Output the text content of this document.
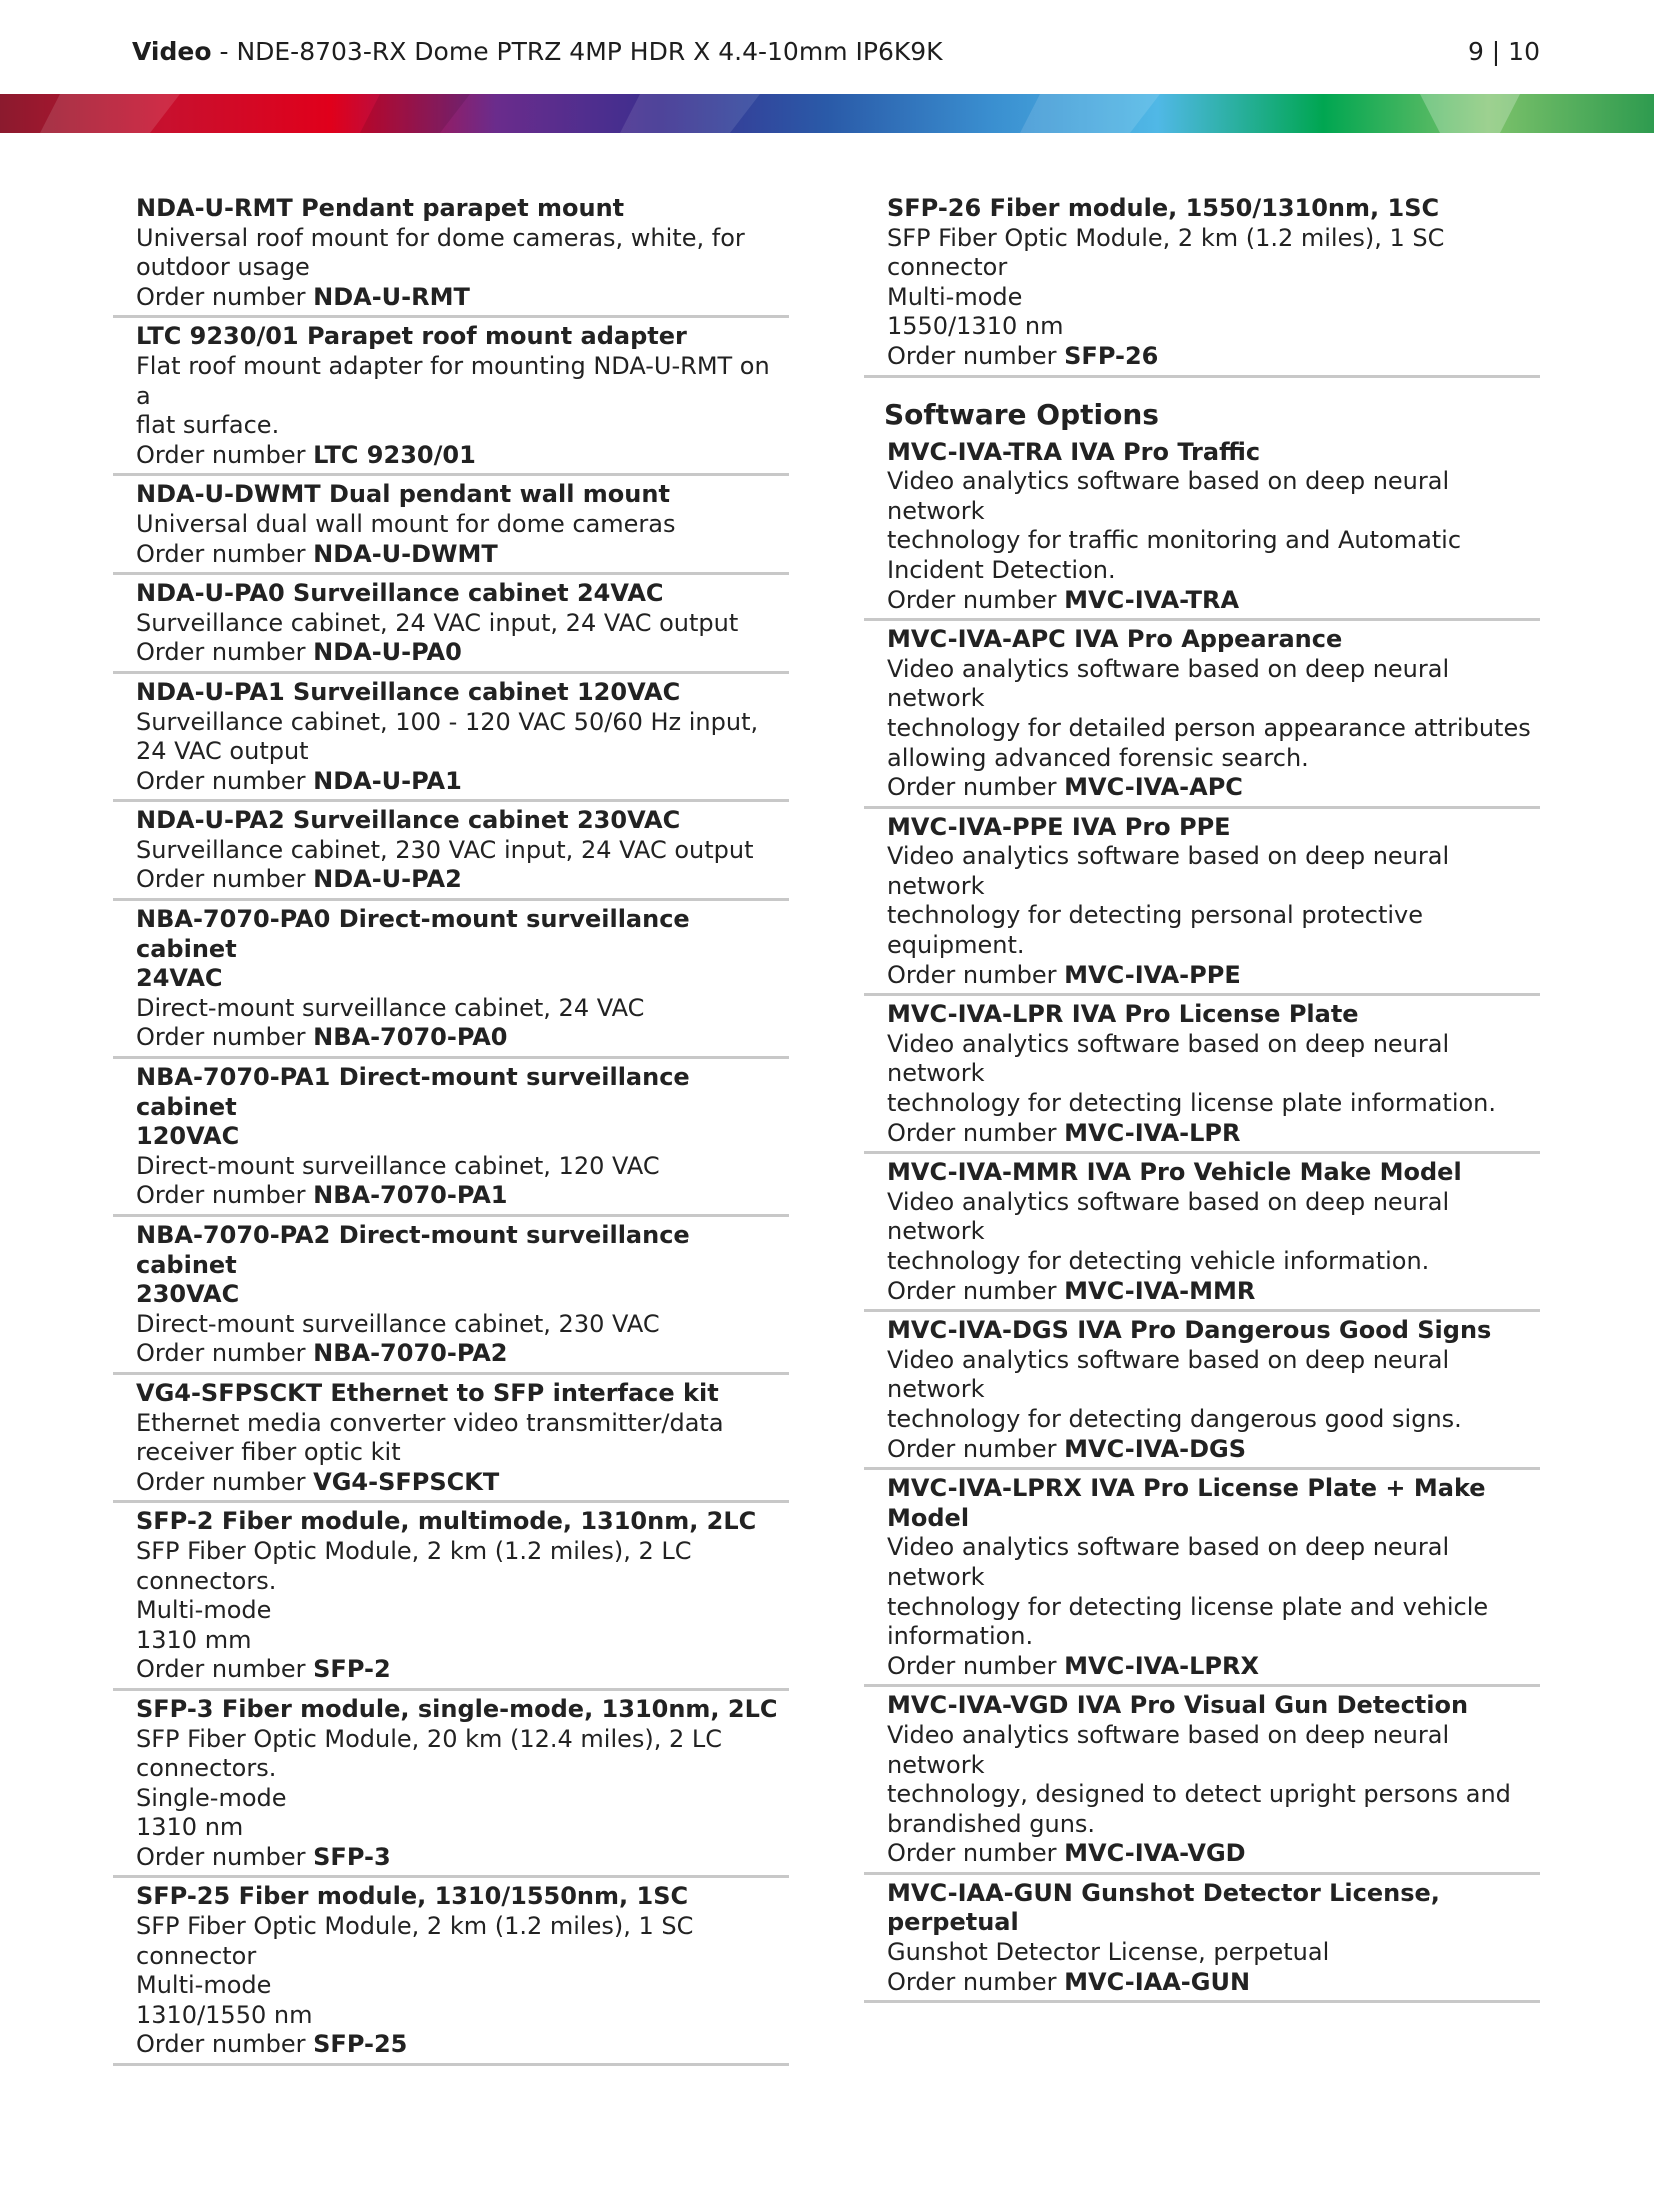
Video - NDE-8703-RX Dome PTRZ 4MP HDR X 4.4-10mm IP6K9K	9 | 10
NDA-U-RMT Pendant parapet mount
Universal roof mount for dome cameras, white, for
outdoor usage
Order number NDA-U-RMT
LTC 9230/01 Parapet roof mount adapter
Flat roof mount adapter for mounting NDA-U-RMT on a
flat surface.
Order number LTC 9230/01
NDA-U-DWMT Dual pendant wall mount
Universal dual wall mount for dome cameras
Order number NDA-U-DWMT
NDA-U-PA0 Surveillance cabinet 24VAC
Surveillance cabinet, 24 VAC input, 24 VAC output
Order number NDA-U-PA0
NDA-U-PA1 Surveillance cabinet 120VAC
Surveillance cabinet, 100 - 120 VAC 50/60 Hz input,
24 VAC output
Order number NDA-U-PA1
NDA-U-PA2 Surveillance cabinet 230VAC
Surveillance cabinet, 230 VAC input, 24 VAC output
Order number NDA-U-PA2
NBA-7070-PA0 Direct-mount surveillance cabinet
24VAC
Direct-mount surveillance cabinet, 24 VAC
Order number NBA-7070-PA0
NBA-7070-PA1 Direct-mount surveillance cabinet
120VAC
Direct-mount surveillance cabinet, 120 VAC
Order number NBA-7070-PA1
NBA-7070-PA2 Direct-mount surveillance cabinet
230VAC
Direct-mount surveillance cabinet, 230 VAC
Order number NBA-7070-PA2
VG4-SFPSCKT Ethernet to SFP interface kit
Ethernet media converter video transmitter/data
receiver fiber optic kit
Order number VG4-SFPSCKT
SFP-2 Fiber module, multimode, 1310nm, 2LC
SFP Fiber Optic Module, 2 km (1.2 miles), 2 LC
connectors.
Multi-mode
1310 mm
Order number SFP-2
SFP-3 Fiber module, single-mode, 1310nm, 2LC
SFP Fiber Optic Module, 20 km (12.4 miles), 2 LC
connectors.
Single-mode
1310 nm
Order number SFP-3
SFP-25 Fiber module, 1310/1550nm, 1SC
SFP Fiber Optic Module, 2 km (1.2 miles), 1 SC
connector
Multi-mode
1310/1550 nm
Order number SFP-25
SFP-26 Fiber module, 1550/1310nm, 1SC
SFP Fiber Optic Module, 2 km (1.2 miles), 1 SC
connector
Multi-mode
1550/1310 nm
Order number SFP-26
Software Options
MVC-IVA-TRA IVA Pro Traffic
Video analytics software based on deep neural network
technology for traffic monitoring and Automatic
Incident Detection.
Order number MVC-IVA-TRA
MVC-IVA-APC IVA Pro Appearance
Video analytics software based on deep neural network
technology for detailed person appearance attributes
allowing advanced forensic search.
Order number MVC-IVA-APC
MVC-IVA-PPE IVA Pro PPE
Video analytics software based on deep neural network
technology for detecting personal protective
equipment.
Order number MVC-IVA-PPE
MVC-IVA-LPR IVA Pro License Plate
Video analytics software based on deep neural network
technology for detecting license plate information.
Order number MVC-IVA-LPR
MVC-IVA-MMR IVA Pro Vehicle Make Model
Video analytics software based on deep neural network
technology for detecting vehicle information.
Order number MVC-IVA-MMR
MVC-IVA-DGS IVA Pro Dangerous Good Signs
Video analytics software based on deep neural network
technology for detecting dangerous good signs.
Order number MVC-IVA-DGS
MVC-IVA-LPRX IVA Pro License Plate + Make Model
Video analytics software based on deep neural network
technology for detecting license plate and vehicle
information.
Order number MVC-IVA-LPRX
MVC-IVA-VGD IVA Pro Visual Gun Detection
Video analytics software based on deep neural network
technology, designed to detect upright persons and
brandished guns.
Order number MVC-IVA-VGD
MVC-IAA-GUN Gunshot Detector License, perpetual
Gunshot Detector License, perpetual
Order number MVC-IAA-GUN
